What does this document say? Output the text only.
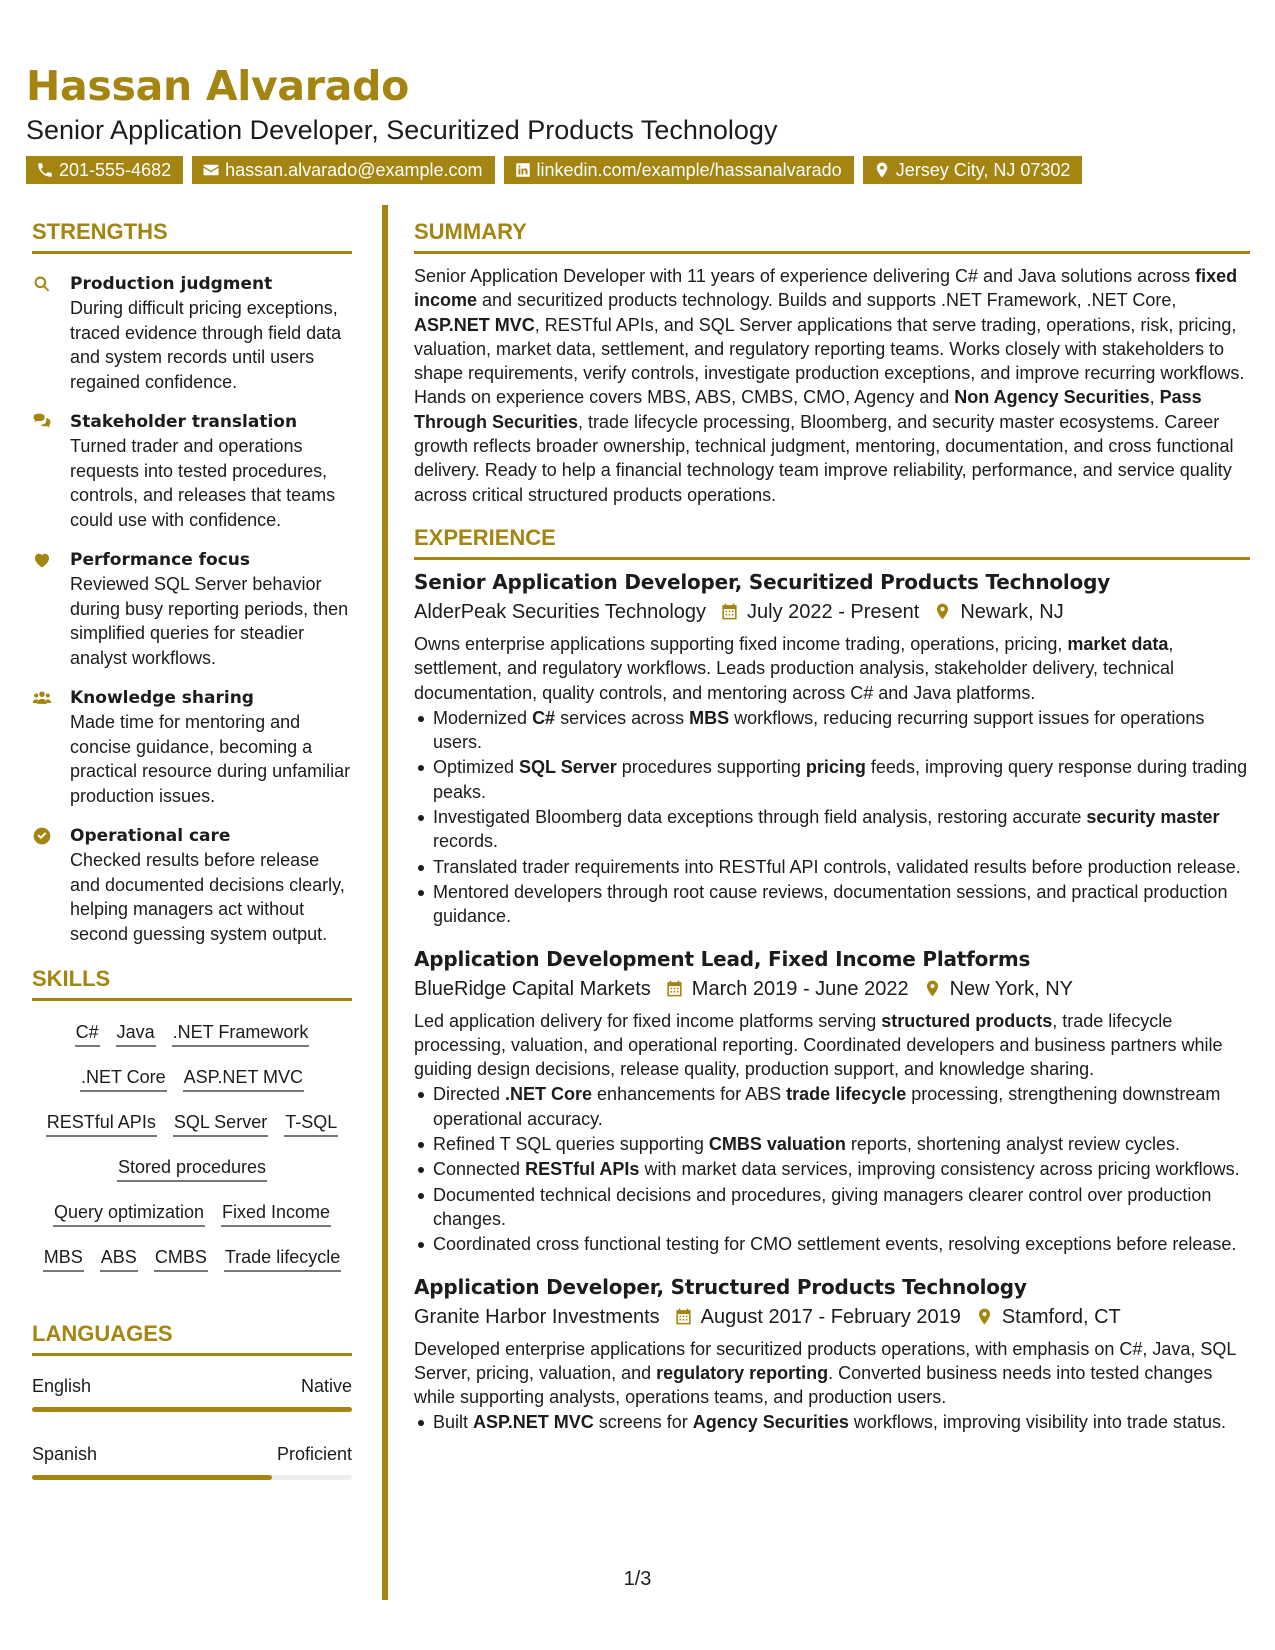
Hassan Alvarado
Senior Application Developer, Securitized Products Technology
201-555-4682	hassan.alvarado@example.com	linkedin.com/example/hassanalvarado	Jersey City, NJ 07302
STRENGTHS
Production judgment
During difficult pricing exceptions, traced evidence through field data and system records until users regained confidence.
Stakeholder translation
Turned trader and operations requests into tested procedures, controls, and releases that teams could use with confidence.
Performance focus
Reviewed SQL Server behavior during busy reporting periods, then simplified queries for steadier analyst workflows.
Knowledge sharing
Made time for mentoring and concise guidance, becoming a practical resource during unfamiliar production issues.
Operational care
Checked results before release and documented decisions clearly, helping managers act without second guessing system output.
SKILLS
C# Java .NET Framework
.NET Core ASP.NET MVC
RESTful APIs SQL Server T-SQL
Stored procedures
Query optimization Fixed Income
MBS ABS CMBS Trade lifecycle
LANGUAGES
English	Native
Spanish	Proficient
SUMMARY
Senior Application Developer with 11 years of experience delivering C# and Java solutions across fixed income and securitized products technology. Builds and supports .NET Framework, .NET Core, ASP.NET MVC, RESTful APIs, and SQL Server applications that serve trading, operations, risk, pricing, valuation, market data, settlement, and regulatory reporting teams. Works closely with stakeholders to shape requirements, verify controls, investigate production exceptions, and improve recurring workflows. Hands on experience covers MBS, ABS, CMBS, CMO, Agency and Non Agency Securities, Pass Through Securities, trade lifecycle processing, Bloomberg, and security master ecosystems. Career growth reflects broader ownership, technical judgment, mentoring, documentation, and cross functional delivery. Ready to help a financial technology team improve reliability, performance, and service quality across critical structured products operations.
EXPERIENCE
Senior Application Developer, Securitized Products Technology
AlderPeak Securities Technology July 2022 - Present Newark, NJ
Owns enterprise applications supporting fixed income trading, operations, pricing, market data, settlement, and regulatory workflows. Leads production analysis, stakeholder delivery, technical documentation, quality controls, and mentoring across C# and Java platforms.
Modernized C# services across MBS workflows, reducing recurring support issues for operations users.
Optimized SQL Server procedures supporting pricing feeds, improving query response during trading peaks.
Investigated Bloomberg data exceptions through field analysis, restoring accurate security master records.
Translated trader requirements into RESTful API controls, validated results before production release.
Mentored developers through root cause reviews, documentation sessions, and practical production guidance.
Application Development Lead, Fixed Income Platforms
BlueRidge Capital Markets March 2019 - June 2022 New York, NY
Led application delivery for fixed income platforms serving structured products, trade lifecycle processing, valuation, and operational reporting. Coordinated developers and business partners while guiding design decisions, release quality, production support, and knowledge sharing.
Directed .NET Core enhancements for ABS trade lifecycle processing, strengthening downstream operational accuracy.
Refined T SQL queries supporting CMBS valuation reports, shortening analyst review cycles.
Connected RESTful APIs with market data services, improving consistency across pricing workflows.
Documented technical decisions and procedures, giving managers clearer control over production changes.
Coordinated cross functional testing for CMO settlement events, resolving exceptions before release.
Application Developer, Structured Products Technology
Granite Harbor Investments August 2017 - February 2019 Stamford, CT
Developed enterprise applications for securitized products operations, with emphasis on C#, Java, SQL Server, pricing, valuation, and regulatory reporting. Converted business needs into tested changes while supporting analysts, operations teams, and production users.
Built ASP.NET MVC screens for Agency Securities workflows, improving visibility into trade status.
1/3
